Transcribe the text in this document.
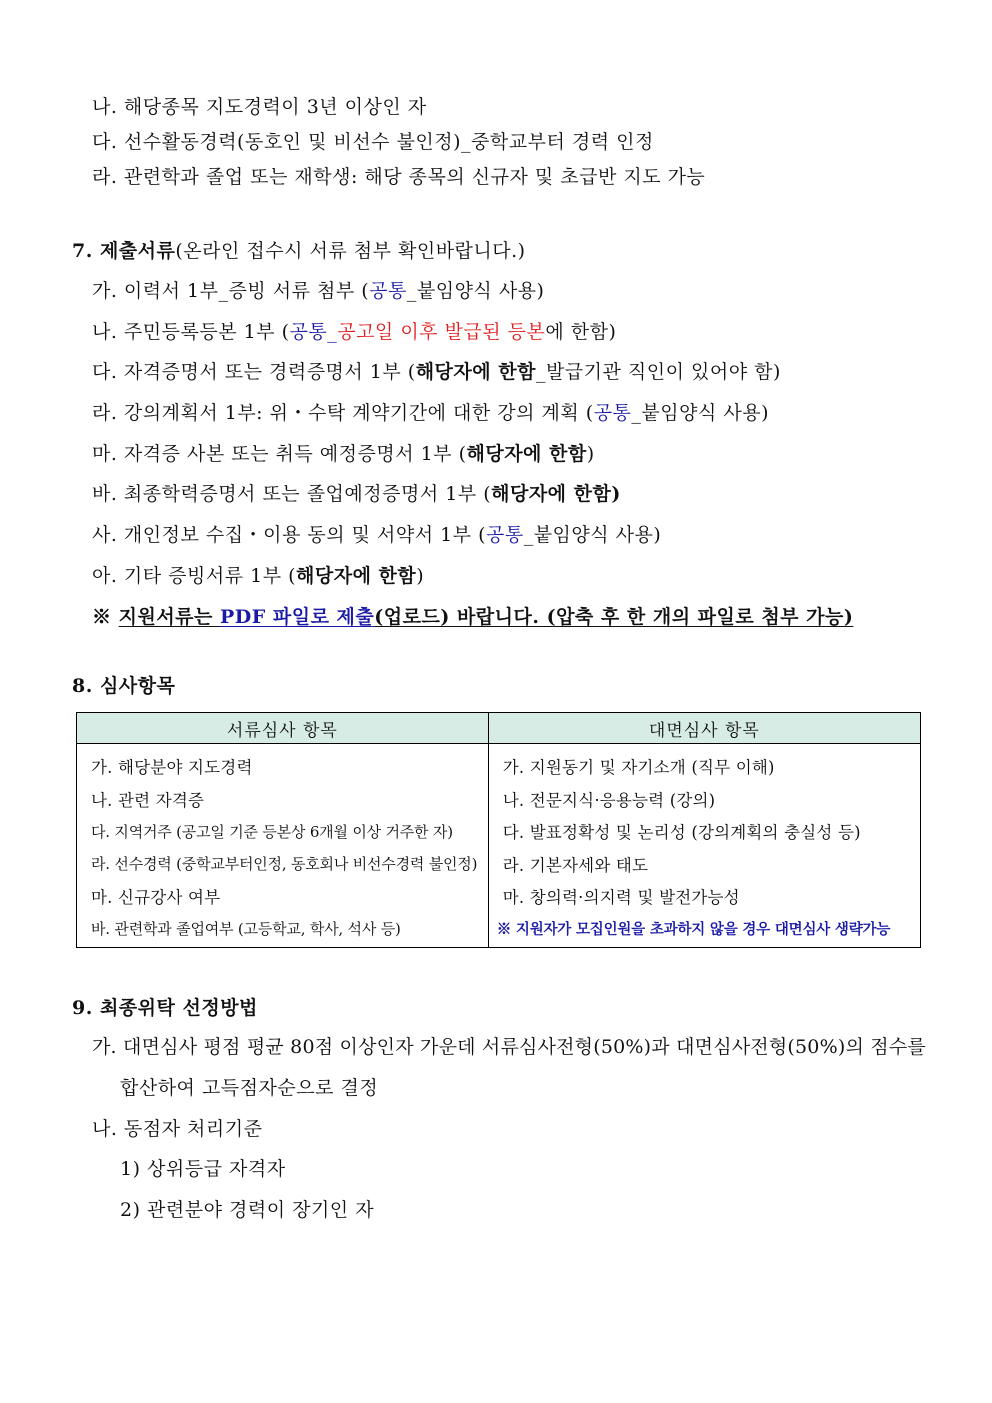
나. 해당종목 지도경력이 3년 이상인 자
다. 선수활동경력(동호인 및 비선수 불인정)_중학교부터 경력 인정
라. 관련학과 졸업 또는 재학생: 해당 종목의 신규자 및 초급반 지도 가능
7. 제출서류(온라인 접수시 서류 첨부 확인바랍니다.)
가. 이력서 1부_증빙 서류 첨부 (공통_붙임양식 사용)
나. 주민등록등본 1부 (공통_공고일 이후 발급된 등본에 한함)
다. 자격증명서 또는 경력증명서 1부 (해당자에 한함_발급기관 직인이 있어야 함)
라. 강의계획서 1부: 위・수탁 계약기간에 대한 강의 계획 (공통_붙임양식 사용)
마. 자격증 사본 또는 취득 예정증명서 1부 (해당자에 한함)
바. 최종학력증명서 또는 졸업예정증명서 1부 (해당자에 한함)
사. 개인정보 수집・이용 동의 및 서약서 1부 (공통_붙임양식 사용)
아. 기타 증빙서류 1부 (해당자에 한함)
※ 지원서류는 PDF 파일로 제출(업로드) 바랍니다. (압축 후 한 개의 파일로 첨부 가능)
8. 심사항목
서류심사 항목	대면심사 항목
가. 해당분야 지도경력	가. 지원동기 및 자기소개 (직무 이해)
나. 관련 자격증	나. 전문지식·응용능력 (강의)
다. 지역거주 (공고일 기준 등본상 6개월 이상 거주한 자)	다. 발표정확성 및 논리성 (강의계획의 충실성 등)
라. 선수경력 (중학교부터인정, 동호회나 비선수경력 불인정)	라. 기본자세와 태도
마. 신규강사 여부	마. 창의력·의지력 및 발전가능성
바. 관련학과 졸업여부 (고등학교, 학사, 석사 등)	※ 지원자가 모집인원을 초과하지 않을 경우 대면심사 생략가능
9. 최종위탁 선정방법
가. 대면심사 평점 평균 80점 이상인자 가운데 서류심사전형(50%)과 대면심사전형(50%)의 점수를
합산하여 고득점자순으로 결정
나. 동점자 처리기준
1) 상위등급 자격자
2) 관련분야 경력이 장기인 자
